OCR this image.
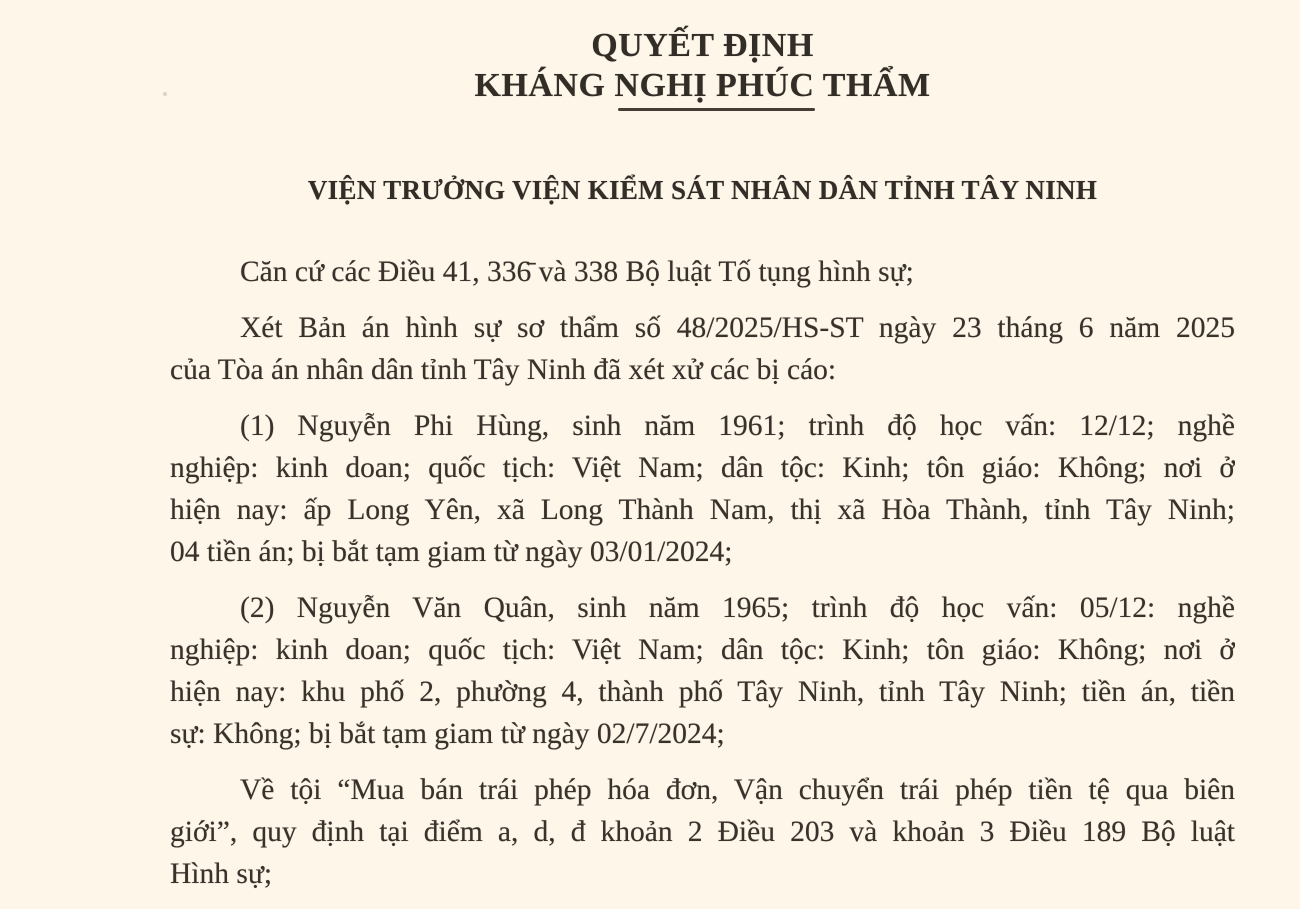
QUYẾT ĐỊNH
KHÁNG NGHỊ PHÚC THẨM
VIỆN TRƯỞNG VIỆN KIỂM SÁT NHÂN DÂN TỈNH TÂY NINH
Căn cứ các Điều 41, 336̄ và 338 Bộ luật Tố tụng hình sự;
Xét Bản án hình sự sơ thẩm số 48/2025/HS-ST ngày 23 tháng 6 năm 2025
của Tòa án nhân dân tỉnh Tây Ninh đã xét xử các bị cáo:
(1) Nguyễn Phi Hùng, sinh năm 1961; trình độ học vấn: 12/12; nghề
nghiệp: kinh doan; quốc tịch: Việt Nam; dân tộc: Kinh; tôn giáo: Không; nơi ở
hiện nay: ấp Long Yên, xã Long Thành Nam, thị xã Hòa Thành, tỉnh Tây Ninh;
04 tiền án; bị bắt tạm giam từ ngày 03/01/2024;
(2) Nguyễn Văn Quân, sinh năm 1965; trình độ học vấn: 05/12: nghề
nghiệp: kinh doan; quốc tịch: Việt Nam; dân tộc: Kinh; tôn giáo: Không; nơi ở
hiện nay: khu phố 2, phường 4, thành phố Tây Ninh, tỉnh Tây Ninh; tiền án, tiền
sự: Không; bị bắt tạm giam từ ngày 02/7/2024;
Về tội “Mua bán trái phép hóa đơn, Vận chuyển trái phép tiền tệ qua biên
giới”, quy định tại điểm a, d, đ khoản 2 Điều 203 và khoản 3 Điều 189 Bộ luật
Hình sự;
